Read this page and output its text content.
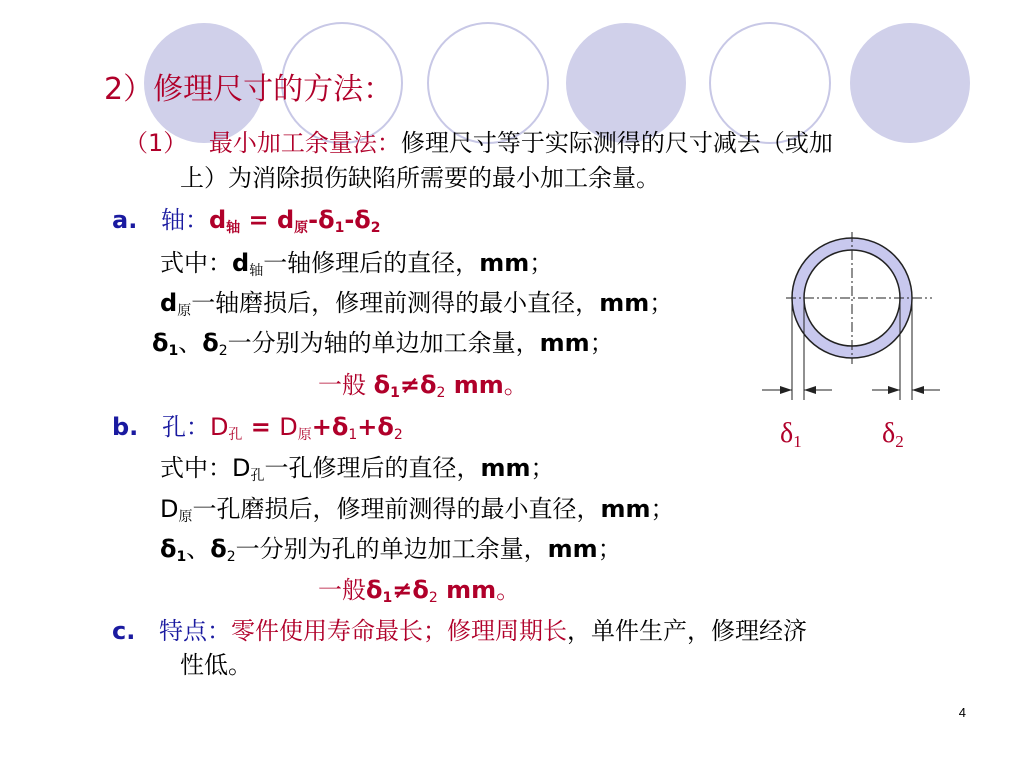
$\delta_1$	$\delta_2$
2）修理尺寸的方法：
（1） 最小加工余量法：修理尺寸等于实际测得的尺寸减去（或加
上）为消除损伤缺陷所需要的最小加工余量。
a. 轴：$d_轴 = d_原-\delta_1-\delta_2$
式中：$d_轴$一轴修理后的直径，mm；
$d_原$一轴磨损后，修理前测得的最小直径，mm；
$\delta_1$、$\delta_2$一分别为轴的单边加工余量，mm；
一般 $\delta_1\ne\delta_2$ mm。
b. 孔：$D_孔 = D_原+\delta_1+\delta_2$
式中：$D_孔$一孔修理后的直径，mm；
$D_原$一孔磨损后，修理前测得的最小直径，mm；
$\delta_1$、$\delta_2$一分别为孔的单边加工余量，mm；
一般$\delta_1\ne\delta_2$ mm。
c. 特点：零件使用寿命最长；修理周期长，单件生产，修理经济
性低。
4
